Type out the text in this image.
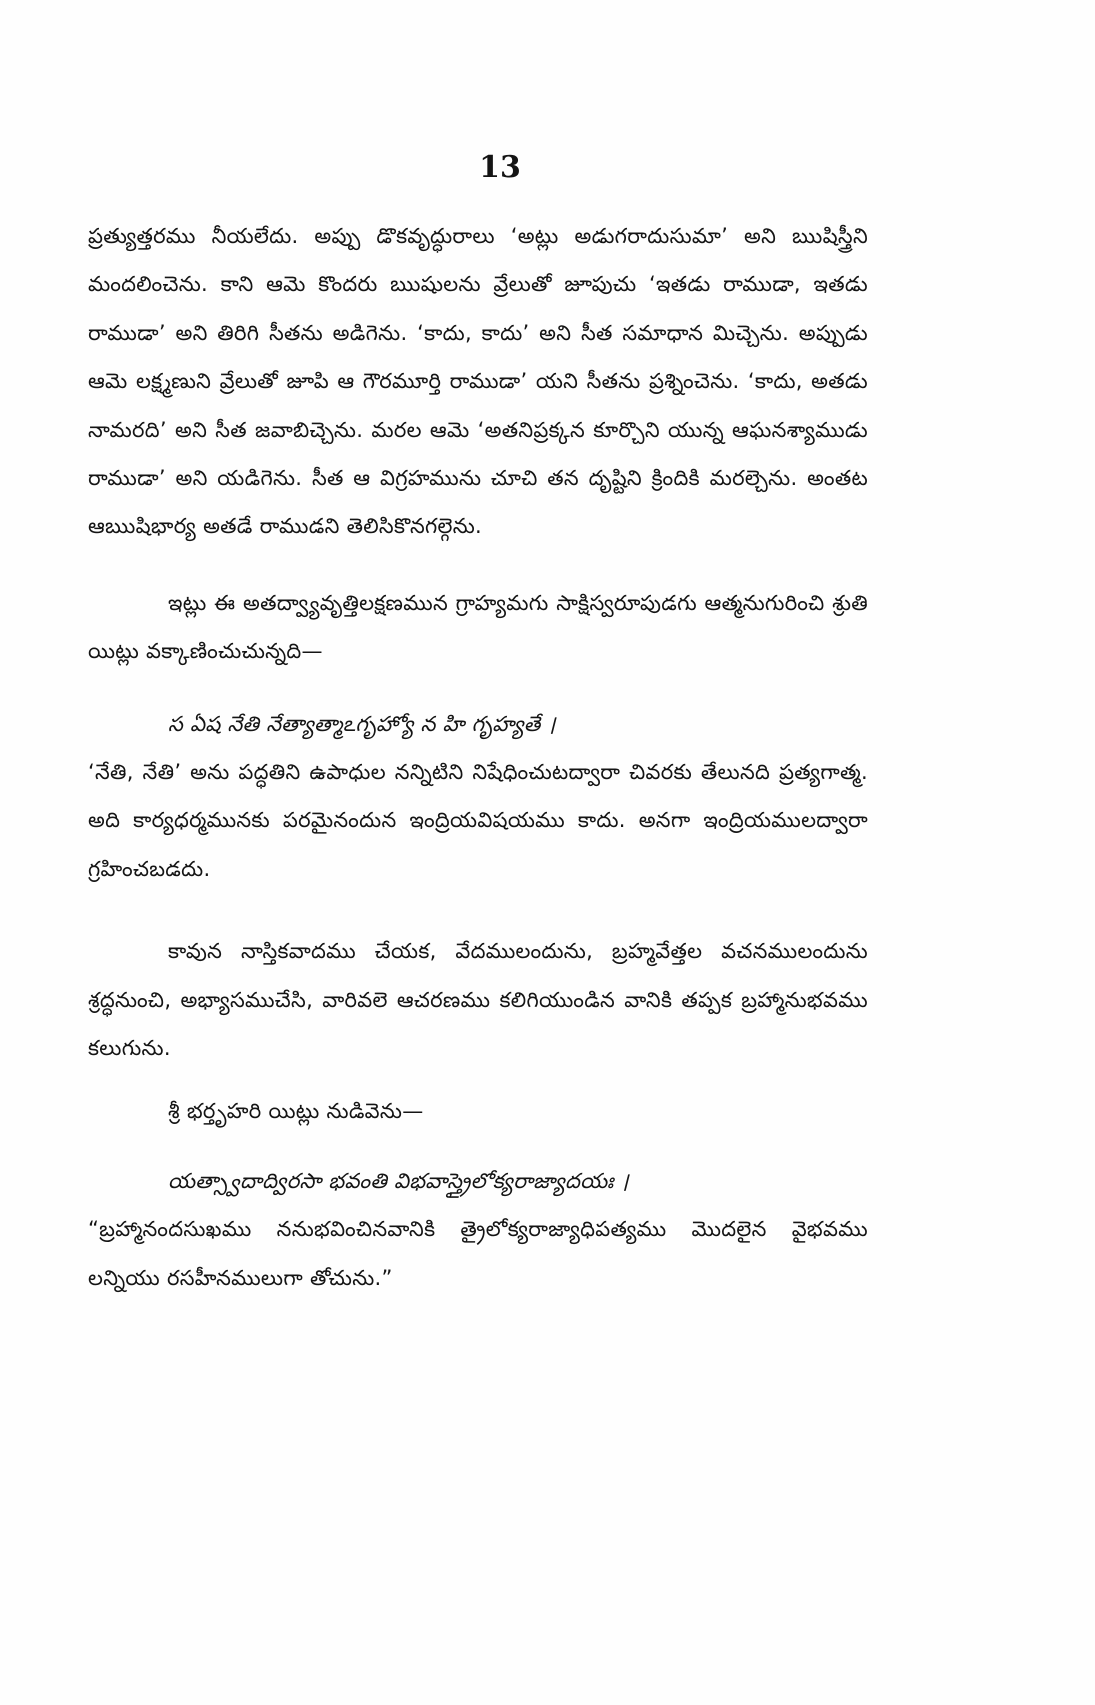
13

ప్రత్యుత్తరము నీయలేదు. అప్పు డొకవృద్ధురాలు ‘అట్లు అడుగరాదుసుమా’ అని ఋషిస్త్రీని మందలించెను. కాని ఆమె కొందరు ఋషులను వ్రేలుతో జూపుచు ‘ఇతడు రాముడా, ఇతడు రాముడా’ అని తిరిగి సీతను అడిగెను. ‘కాదు, కాదు’ అని సీత సమాధాన మిచ్చెను. అప్పుడు ఆమె లక్ష్మణుని వ్రేలుతో జూపి ఆ గౌరమూర్తి రాముడా’ యని సీతను ప్రశ్నించెను. ‘కాదు, అతడు నామరది’ అని సీత జవాబిచ్చెను. మరల ఆమె ‘అతనిప్రక్కన కూర్చొని యున్న ఆఘనశ్యాముడు రాముడా’ అని యడిగెను. సీత ఆ విగ్రహమును చూచి తన దృష్టిని క్రిందికి మరల్చెను. అంతట ఆఋషిభార్య అతడే రాముడని తెలిసికొనగల్గెను.

ఇట్లు ఈ అతద్వ్యావృత్తిలక్షణమున గ్రాహ్యమగు సాక్షిస్వరూపుడగు ఆత్మనుగురించి శ్రుతి యిట్లు వక్కాణించుచున్నది—

స ఏష నేతి నేత్యాత్మాఽగృహ్యో న హి గృహ్యతే ।

‘నేతి, నేతి’ అను పద్ధతిని ఉపాధుల నన్నిటిని నిషేధించుటద్వారా చివరకు తేలునది ప్రత్యగాత్మ. అది కార్యధర్మమునకు పరమైనందున ఇంద్రియవిషయము కాదు. అనగా ఇంద్రియములద్వారా గ్రహించబడదు.

కావున నాస్తికవాదము చేయక, వేదములందును, బ్రహ్మవేత్తల వచనములందును శ్రద్ధనుంచి, అభ్యాసముచేసి, వారివలె ఆచరణము కలిగియుండిన వానికి తప్పక బ్రహ్మానుభవము కలుగును.

శ్రీ భర్తృహరి యిట్లు నుడివెను—

యత్స్వాదాద్విరసా భవంతి విభవాస్త్రైలోక్యరాజ్యాదయః ।

“బ్రహ్మానందసుఖము ననుభవించినవానికి త్రైలోక్యరాజ్యాధిపత్యము మొదలైన వైభవము లన్నియు రసహీనములుగా తోచును.”
